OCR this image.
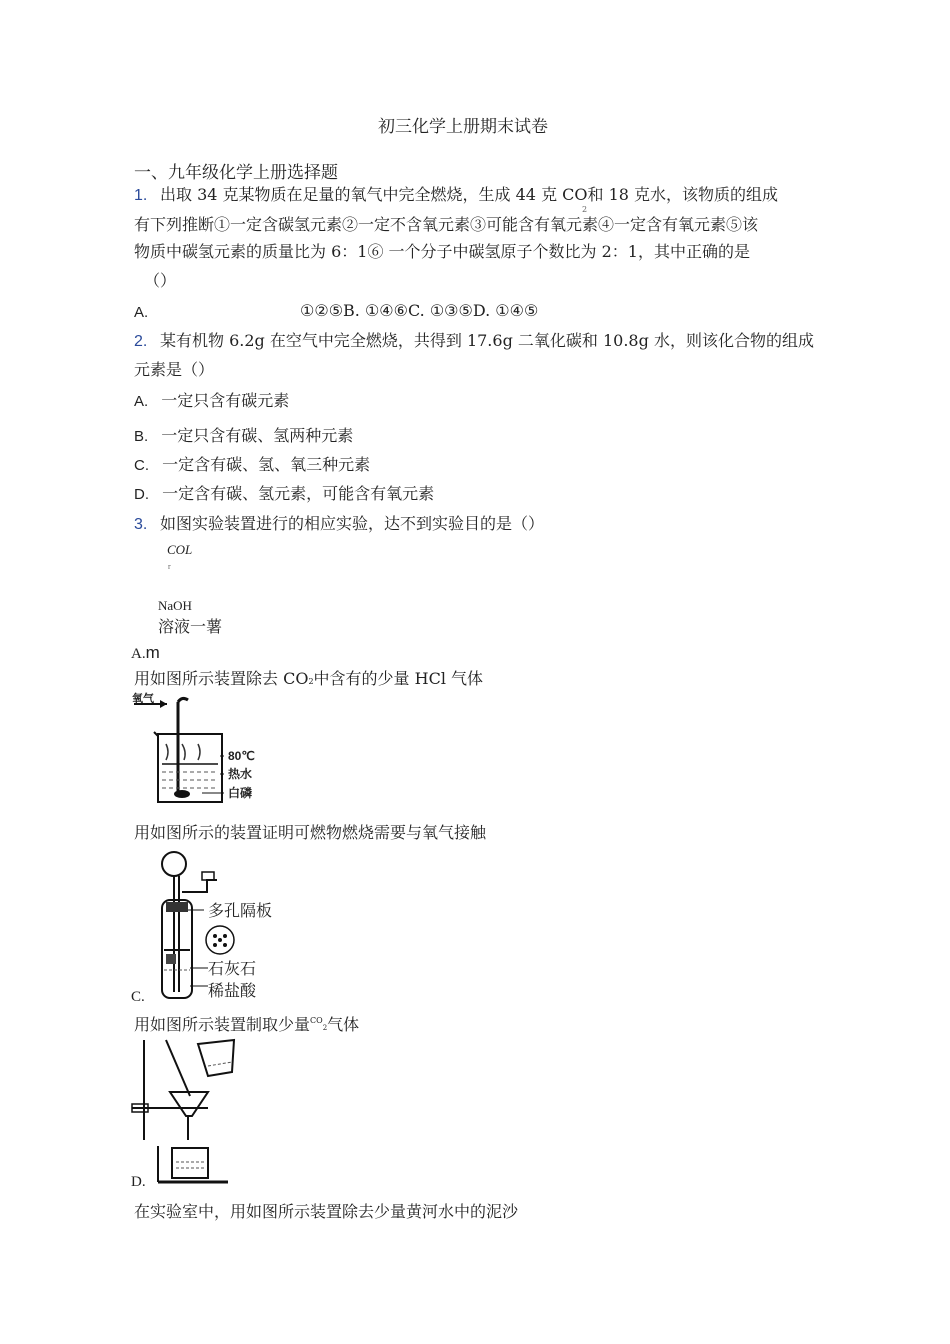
初三化学上册期末试卷
一、九年级化学上册选择题
1. 出取 34 克某物质在足量的氧气中完全燃烧，生成 44 克 CO和 18 克水，该物质的组成
2
有下列推断①一定含碳氢元素②一定不含氧元素③可能含有氧元素④一定含有氧元素⑤该
物质中碳氢元素的质量比为 6：1⑥ 一个分子中碳氢原子个数比为 2：1，其中正确的是
（）
A.	①②⑤B. ①④⑥C. ①③⑤D. ①④⑤
2. 某有机物 6.2g 在空气中完全燃烧，共得到 17.6g 二氧化碳和 10.8g 水，则该化合物的组成
元素是（）
A. 一定只含有碳元素
B. 一定只含有碳、氢两种元素
C. 一定含有碳、氢、氧三种元素
D. 一定含有碳、氢元素，可能含有氧元素
3. 如图实验装置进行的相应实验，达不到实验目的是（）
COL
r
NaOH
溶液一薯
A.m
用如图所示装置除去 CO2中含有的少量 HCl 气体
氧气
80℃
热水
白磷
用如图所示的装置证明可燃物燃烧需要与氧气接触
多孔隔板
石灰石
稀盐酸
C.
用如图所示装置制取少量$^{CO}$2气体
D.
在实验室中，用如图所示装置除去少量黄河水中的泥沙
